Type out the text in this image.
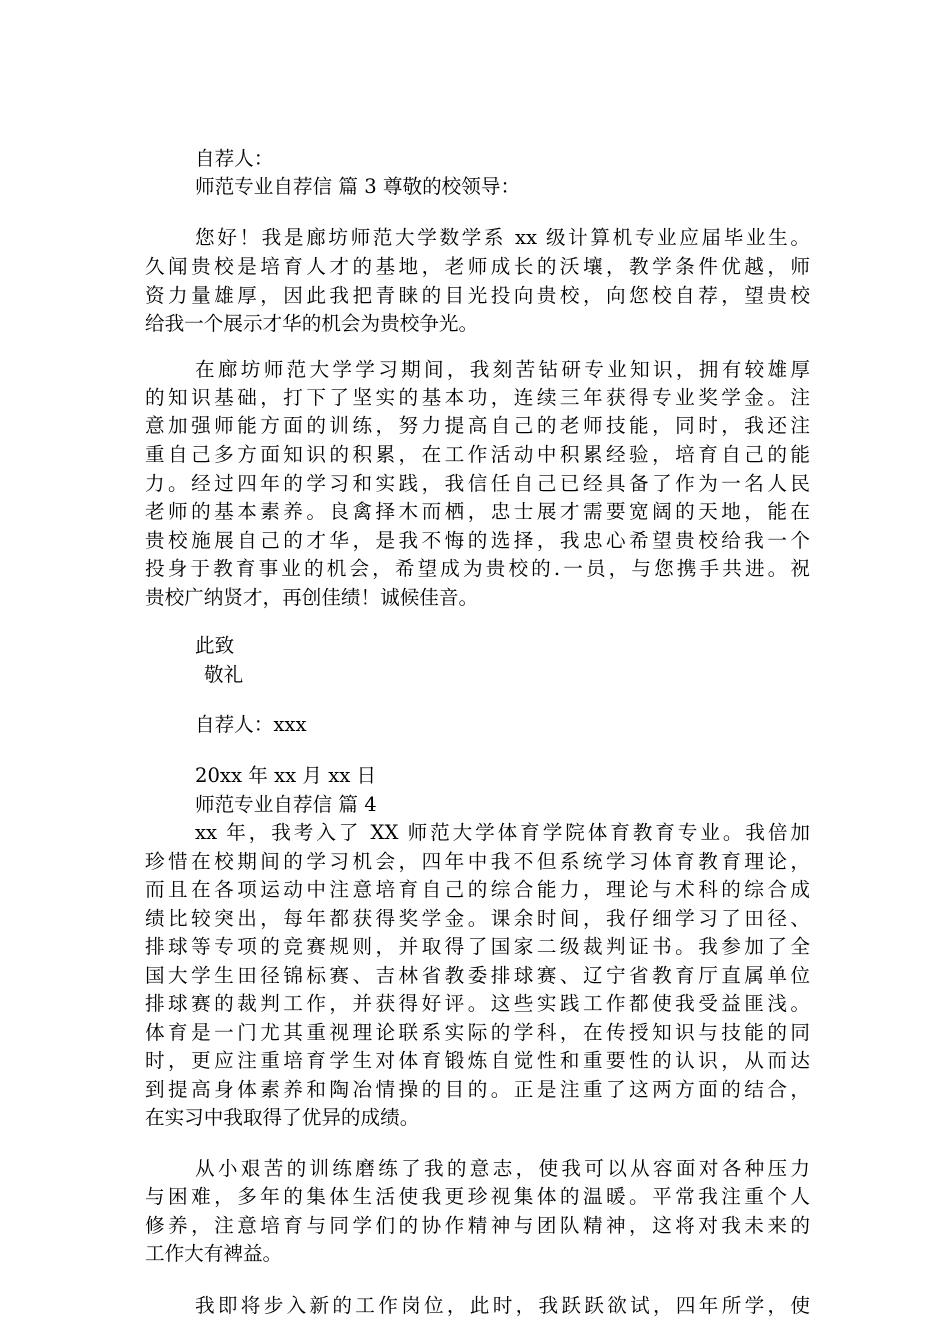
自荐人：
师范专业自荐信 篇 3 尊敬的校领导：
您好！我是廊坊师范大学数学系 xx 级计算机专业应届毕业生。
久闻贵校是培育人才的基地，老师成长的沃壤，教学条件优越，师
资力量雄厚，因此我把青睐的目光投向贵校，向您校自荐，望贵校
给我一个展示才华的机会为贵校争光。
在廊坊师范大学学习期间，我刻苦钻研专业知识，拥有较雄厚
的知识基础，打下了坚实的基本功，连续三年获得专业奖学金。注
意加强师能方面的训练，努力提高自己的老师技能，同时，我还注
重自己多方面知识的积累，在工作活动中积累经验，培育自己的能
力。经过四年的学习和实践，我信任自己已经具备了作为一名人民
老师的基本素养。良禽择木而栖，忠士展才需要宽阔的天地，能在
贵校施展自己的才华，是我不悔的选择，我忠心希望贵校给我一个
投身于教育事业的机会，希望成为贵校的.一员，与您携手共进。祝
贵校广纳贤才，再创佳绩！诚候佳音。
此致
敬礼
自荐人：xxx
20xx 年 xx 月 xx 日
师范专业自荐信 篇 4
xx 年，我考入了 XX 师范大学体育学院体育教育专业。我倍加
珍惜在校期间的学习机会，四年中我不但系统学习体育教育理论，
而且在各项运动中注意培育自己的综合能力，理论与术科的综合成
绩比较突出，每年都获得奖学金。课余时间，我仔细学习了田径、
排球等专项的竞赛规则，并取得了国家二级裁判证书。我参加了全
国大学生田径锦标赛、吉林省教委排球赛、辽宁省教育厅直属单位
排球赛的裁判工作，并获得好评。这些实践工作都使我受益匪浅。
体育是一门尤其重视理论联系实际的学科，在传授知识与技能的同
时，更应注重培育学生对体育锻炼自觉性和重要性的认识，从而达
到提高身体素养和陶冶情操的目的。正是注重了这两方面的结合，
在实习中我取得了优异的成绩。
从小艰苦的训练磨练了我的意志，使我可以从容面对各种压力
与困难，多年的集体生活使我更珍视集体的温暖。平常我注重个人
修养，注意培育与同学们的协作精神与团队精神，这将对我未来的
工作大有裨益。
我即将步入新的工作岗位，此时，我跃跃欲试，四年所学，使
